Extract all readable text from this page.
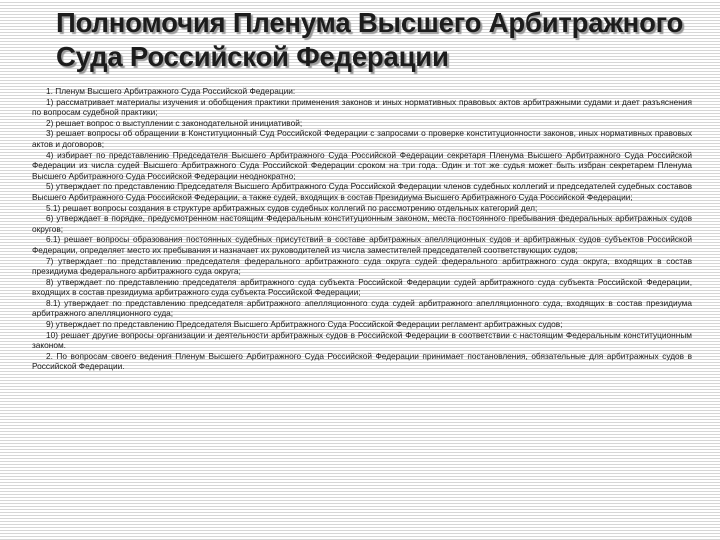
Полномочия Пленума Высшего Арбитражного
Суда Российской Федерации

1. Пленум Высшего Арбитражного Суда Российской Федерации:

1) рассматривает материалы изучения и обобщения практики применения законов и иных нормативных правовых актов арбитражными судами и дает разъяснения по вопросам судебной практики;

2) решает вопрос о выступлении с законодательной инициативой;

3) решает вопросы об обращении в Конституционный Суд Российской Федерации с запросами о проверке конституционности законов, иных нормативных правовых актов и договоров;

4) избирает по представлению Председателя Высшего Арбитражного Суда Российской Федерации секретаря Пленума Высшего Арбитражного Суда Российской Федерации из числа судей Высшего Арбитражного Суда Российской Федерации сроком на три года. Один и тот же судья может быть избран секретарем Пленума Высшего Арбитражного Суда Российской Федерации неоднократно;

5) утверждает по представлению Председателя Высшего Арбитражного Суда Российской Федерации членов судебных коллегий и председателей судебных составов Высшего Арбитражного Суда Российской Федерации, а также судей, входящих в состав Президиума Высшего Арбитражного Суда Российской Федерации;

5.1) решает вопросы создания в структуре арбитражных судов судебных коллегий по рассмотрению отдельных категорий дел;

6) утверждает в порядке, предусмотренном настоящим Федеральным конституционным законом, места постоянного пребывания федеральных арбитражных судов округов;

6.1) решает вопросы образования постоянных судебных присутствий в составе арбитражных апелляционных судов и арбитражных судов субъектов Российской Федерации, определяет место их пребывания и назначает их руководителей из числа заместителей председателей соответствующих судов;

7) утверждает по представлению председателя федерального арбитражного суда округа судей федерального арбитражного суда округа, входящих в состав президиума федерального арбитражного суда округа;

8) утверждает по представлению председателя арбитражного суда субъекта Российской Федерации судей арбитражного суда субъекта Российской Федерации, входящих в состав президиума арбитражного суда субъекта Российской Федерации;

8.1) утверждает по представлению председателя арбитражного апелляционного суда судей арбитражного апелляционного суда, входящих в состав президиума арбитражного апелляционного суда;

9) утверждает по представлению Председателя Высшего Арбитражного Суда Российской Федерации регламент арбитражных судов;

10) решает другие вопросы организации и деятельности арбитражных судов в Российской Федерации в соответствии с настоящим Федеральным конституционным законом.

2. По вопросам своего ведения Пленум Высшего Арбитражного Суда Российской Федерации принимает постановления, обязательные для арбитражных судов в Российской Федерации.
